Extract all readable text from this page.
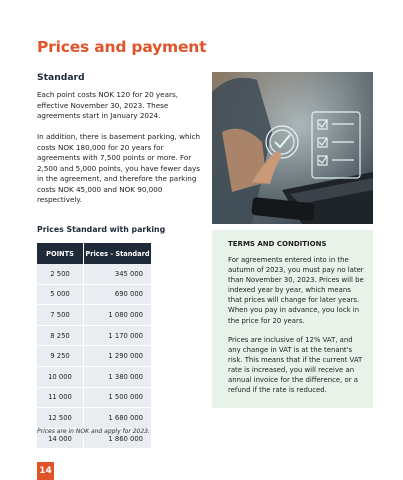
Prices and payment
Standard
Each point costs NOK 120 for 20 years, effective November 30, 2023. These agreements start in January 2024.
In addition, there is basement parking, which costs NOK 180,000 for 20 years for agreements with 7,500 points or more. For 2,500 and 5,000 points, you have fewer days in the agreement, and therefore the parking costs NOK 45,000 and NOK 90,000 respectively.
Prices Standard with parking
POINTS	Prices - Standard
2 500	345 000
5 000	690 000
7 500	1 080 000
8 250	1 170 000
9 250	1 290 000
10 000	1 380 000
11 000	1 500 000
12 500	1 680 000
14 000	1 860 000
Prices are in NOK and apply for 2023.
TERMS AND CONDITIONS
For agreements entered into in the autumn of 2023, you must pay no later than November 30, 2023. Prices will be indexed year by year, which means that prices will change for later years. When you pay in advance, you lock in the price for 20 years.
Prices are inclusive of 12% VAT, and any change in VAT is at the tenant's risk. This means that if the current VAT rate is increased, you will receive an annual invoice for the difference, or a refund if the rate is reduced.
14
